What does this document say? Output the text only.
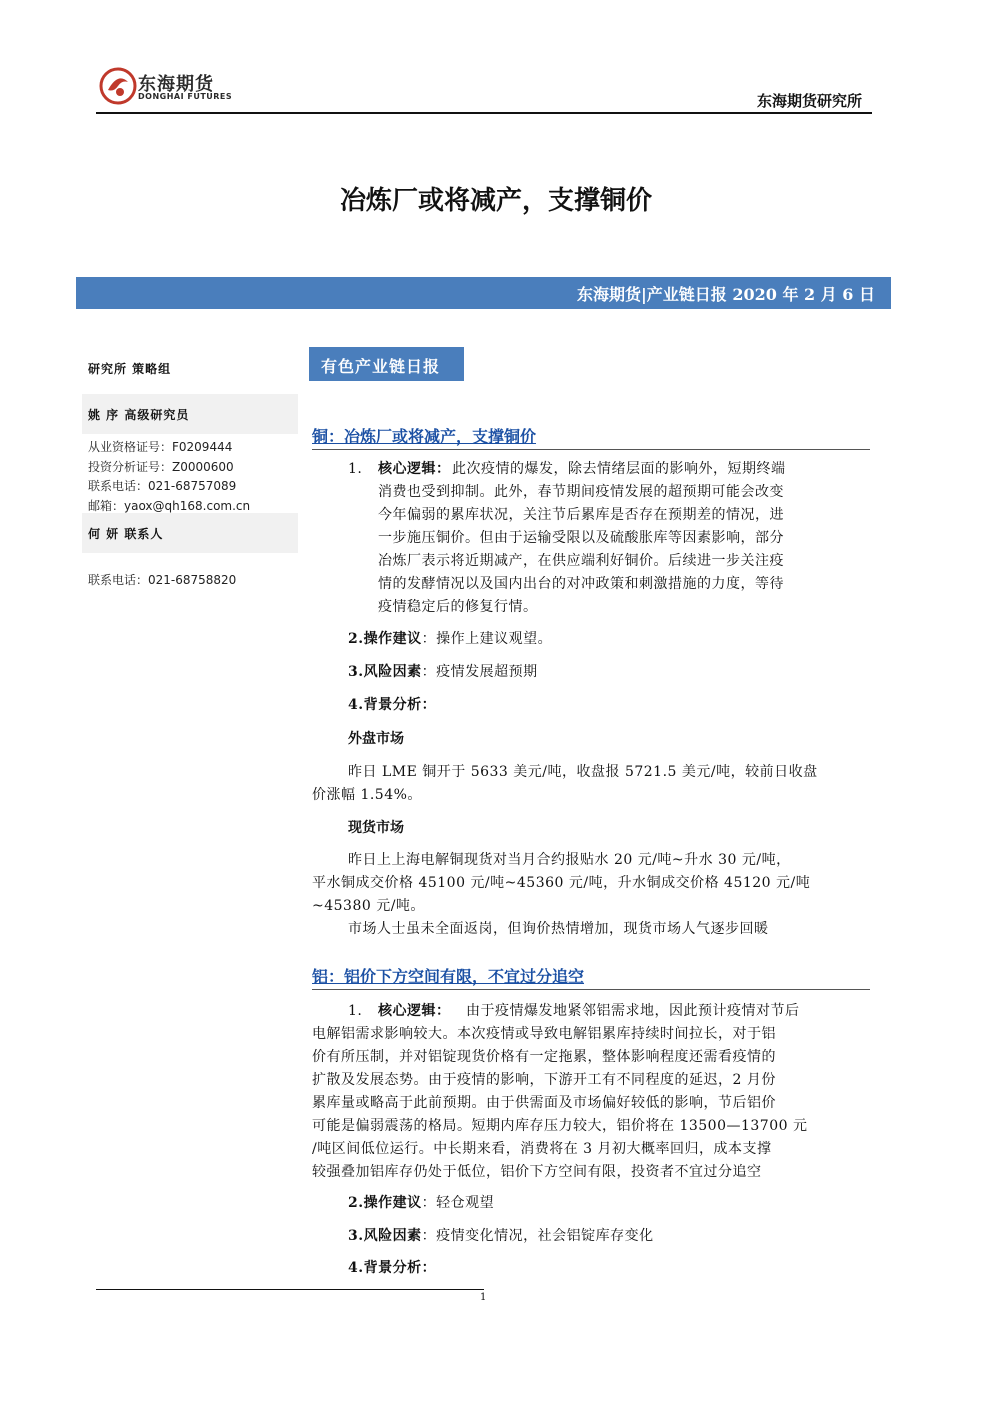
东海期货
DONGHAI FUTURES	东海期货研究所
冶炼厂或将减产，支撑铜价
东海期货|产业链日报 2020 年 2 月 6 日
研究所 策略组
姚 序 高级研究员
从业资格证号：F0209444
投资分析证号：Z0000600
联系电话：021-68757089
邮箱：yaox@qh168.com.cn
何 妍 联系人
联系电话：021-68758820
有色产业链日报
铜：冶炼厂或将减产，支撑铜价
1. 核心逻辑： 此次疫情的爆发，除去情绪层面的影响外，短期终端
消费也受到抑制。此外，春节期间疫情发展的超预期可能会改变
今年偏弱的累库状况，关注节后累库是否存在预期差的情况，进
一步施压铜价。但由于运输受限以及硫酸胀库等因素影响，部分
冶炼厂表示将近期减产，在供应端利好铜价。后续进一步关注疫
情的发酵情况以及国内出台的对冲政策和刺激措施的力度，等待
疫情稳定后的修复行情。
2.操作建议：操作上建议观望。
3.风险因素：疫情发展超预期
4.背景分析：
外盘市场
昨日 LME 铜开于 5633 美元/吨，收盘报 5721.5 美元/吨，较前日收盘
价涨幅 1.54%。
现货市场
昨日上上海电解铜现货对当月合约报贴水 20 元/吨~升水 30 元/吨，
平水铜成交价格 45100 元/吨~45360 元/吨，升水铜成交价格 45120 元/吨
~45380 元/吨。
市场人士虽未全面返岗，但询价热情增加，现货市场人气逐步回暖
铝：铝价下方空间有限，不宜过分追空
1. 核心逻辑： 由于疫情爆发地紧邻铝需求地，因此预计疫情对节后
电解铝需求影响较大。本次疫情或导致电解铝累库持续时间拉长，对于铝
价有所压制，并对铝锭现货价格有一定拖累，整体影响程度还需看疫情的
扩散及发展态势。由于疫情的影响，下游开工有不同程度的延迟，2 月份
累库量或略高于此前预期。由于供需面及市场偏好较低的影响，节后铝价
可能是偏弱震荡的格局。短期内库存压力较大，铝价将在 13500—13700 元
/吨区间低位运行。中长期来看，消费将在 3 月初大概率回归，成本支撑
较强叠加铝库存仍处于低位，铝价下方空间有限，投资者不宜过分追空
2.操作建议：轻仓观望
3.风险因素：疫情变化情况，社会铝锭库存变化
4.背景分析：
1
